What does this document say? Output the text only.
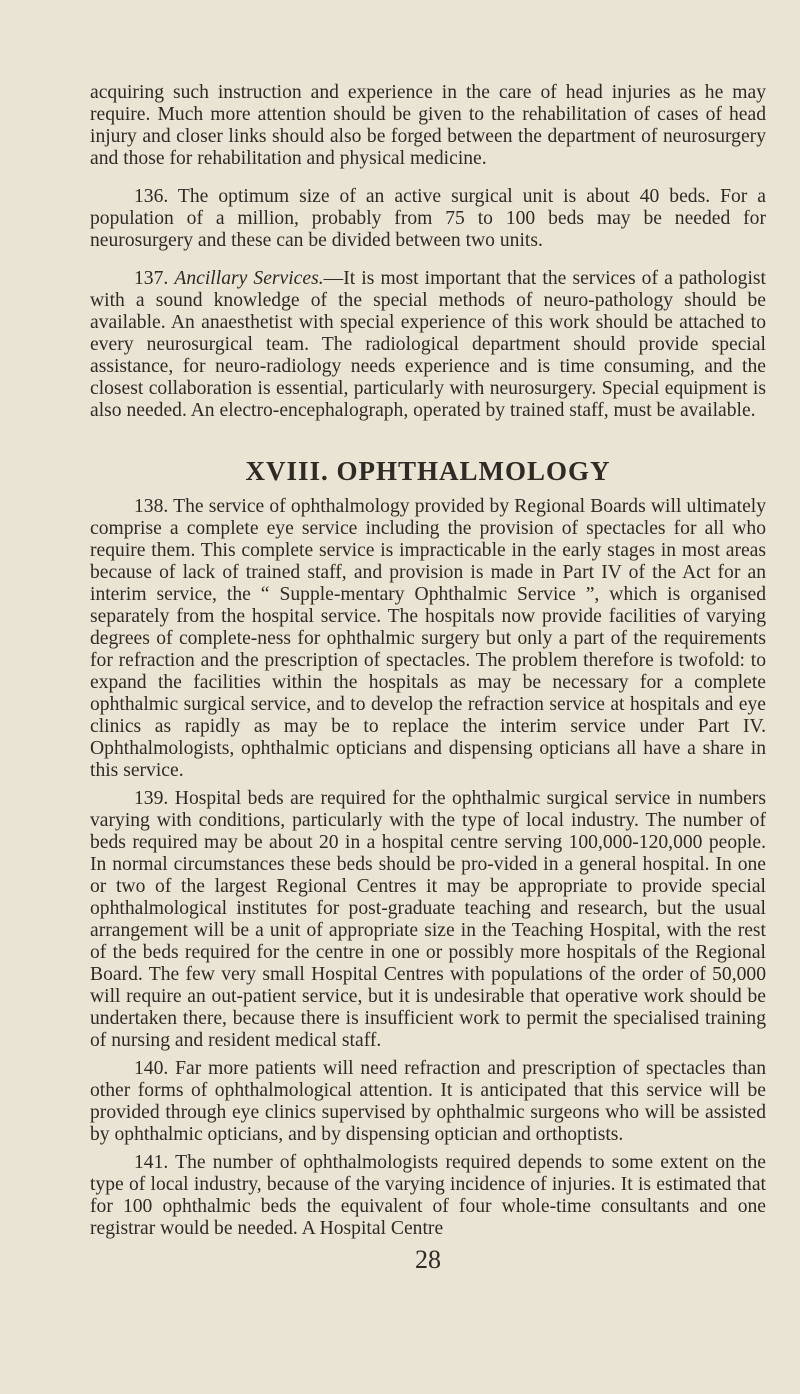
acquiring such instruction and experience in the care of head injuries as he may require. Much more attention should be given to the rehabilitation of cases of head injury and closer links should also be forged between the department of neurosurgery and those for rehabilitation and physical medicine.

136. The optimum size of an active surgical unit is about 40 beds. For a population of a million, probably from 75 to 100 beds may be needed for neurosurgery and these can be divided between two units.

137. Ancillary Services.—It is most important that the services of a pathologist with a sound knowledge of the special methods of neuro-pathology should be available. An anaesthetist with special experience of this work should be attached to every neurosurgical team. The radiological department should provide special assistance, for neuro-radiology needs experience and is time consuming, and the closest collaboration is essential, particularly with neurosurgery. Special equipment is also needed. An electro-encephalograph, operated by trained staff, must be available.

XVIII. OPHTHALMOLOGY

138. The service of ophthalmology provided by Regional Boards will ultimately comprise a complete eye service including the provision of spectacles for all who require them. This complete service is impracticable in the early stages in most areas because of lack of trained staff, and provision is made in Part IV of the Act for an interim service, the “ Supple-mentary Ophthalmic Service ”, which is organised separately from the hospital service. The hospitals now provide facilities of varying degrees of complete-ness for ophthalmic surgery but only a part of the requirements for refraction and the prescription of spectacles. The problem therefore is twofold: to expand the facilities within the hospitals as may be necessary for a complete ophthalmic surgical service, and to develop the refraction service at hospitals and eye clinics as rapidly as may be to replace the interim service under Part IV. Ophthalmologists, ophthalmic opticians and dispensing opticians all have a share in this service.

139. Hospital beds are required for the ophthalmic surgical service in numbers varying with conditions, particularly with the type of local industry. The number of beds required may be about 20 in a hospital centre serving 100,000-120,000 people. In normal circumstances these beds should be pro-vided in a general hospital. In one or two of the largest Regional Centres it may be appropriate to provide special ophthalmological institutes for post-graduate teaching and research, but the usual arrangement will be a unit of appropriate size in the Teaching Hospital, with the rest of the beds required for the centre in one or possibly more hospitals of the Regional Board. The few very small Hospital Centres with populations of the order of 50,000 will require an out-patient service, but it is undesirable that operative work should be undertaken there, because there is insufficient work to permit the specialised training of nursing and resident medical staff.

140. Far more patients will need refraction and prescription of spectacles than other forms of ophthalmological attention. It is anticipated that this service will be provided through eye clinics supervised by ophthalmic surgeons who will be assisted by ophthalmic opticians, and by dispensing optician and orthoptists.

141. The number of ophthalmologists required depends to some extent on the type of local industry, because of the varying incidence of injuries. It is estimated that for 100 ophthalmic beds the equivalent of four whole-time consultants and one registrar would be needed. A Hospital Centre

28
